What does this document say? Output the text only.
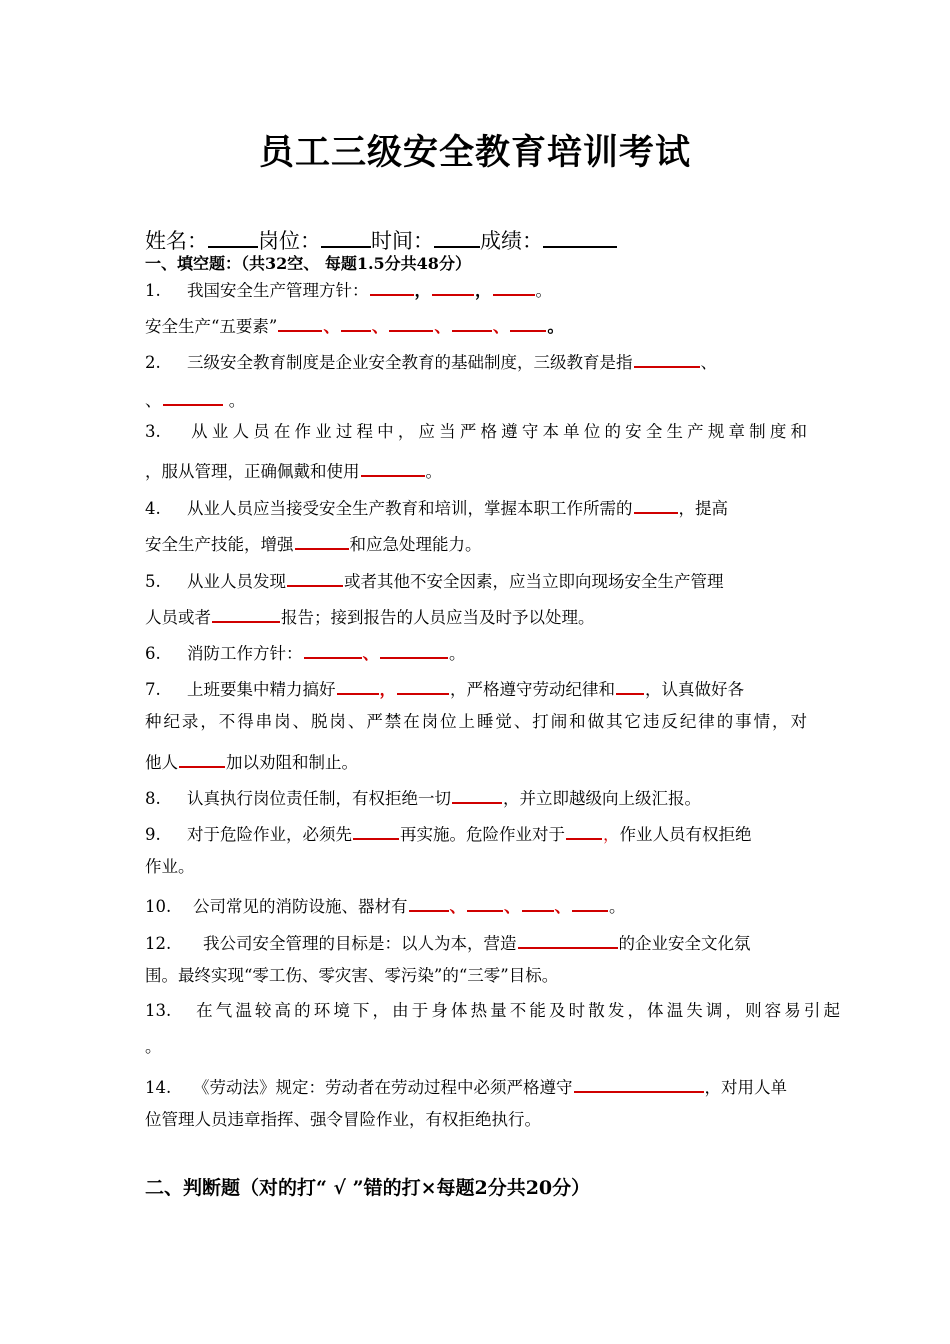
员工三级安全教育培训考试
姓名： 岗位： 时间： 成绩：
一、填空题：（共32空、 每题1.5分共48分）
1. 我国安全生产管理方针：	，	，	。
安全生产“五要素”	、 、	、	、 。
2. 三级安全教育制度是企业安全教育的基础制度，三级教育是指	、
、	。
3. 从业人员在作业过程中，应当严格遵守本单位的安全生产规章制度和
，服从管理，正确佩戴和使用	。
4. 从业人员应当接受安全生产教育和培训，掌握本职工作所需的	，提高
安全生产技能，增强	和应急处理能力。
5. 从业人员发现	或者其他不安全因素，应当立即向现场安全生产管理
人员或者	报告；接到报告的人员应当及时予以处理。
6. 消防工作方针：	、	。
7. 上班要集中精力搞好	，	，严格遵守劳动纪律和 ，认真做好各
种纪录，不得串岗、脱岗、严禁在岗位上睡觉、打闹和做其它违反纪律的事情，对
他人	加以劝阻和制止。
8. 认真执行岗位责任制，有权拒绝一切	，并立即越级向上级汇报。
9. 对于危险作业，必须先	再实施。危险作业对于 ，作业人员有权拒绝
作业。
10. 公司常见的消防设施、器材有	、 、 、 。
12. 我公司安全管理的目标是：以人为本，营造	的企业安全文化氛
围。最终实现“零工伤、零灾害、零污染”的“三零”目标。
13. 在气温较高的环境下，由于身体热量不能及时散发，体温失调，则容易引起
。
14. 《劳动法》规定：劳动者在劳动过程中必须严格遵守	，对用人单
位管理人员违章指挥、强令冒险作业，有权拒绝执行。
二、判断题（对的打“ √ ”错的打×每题2分共20分）
